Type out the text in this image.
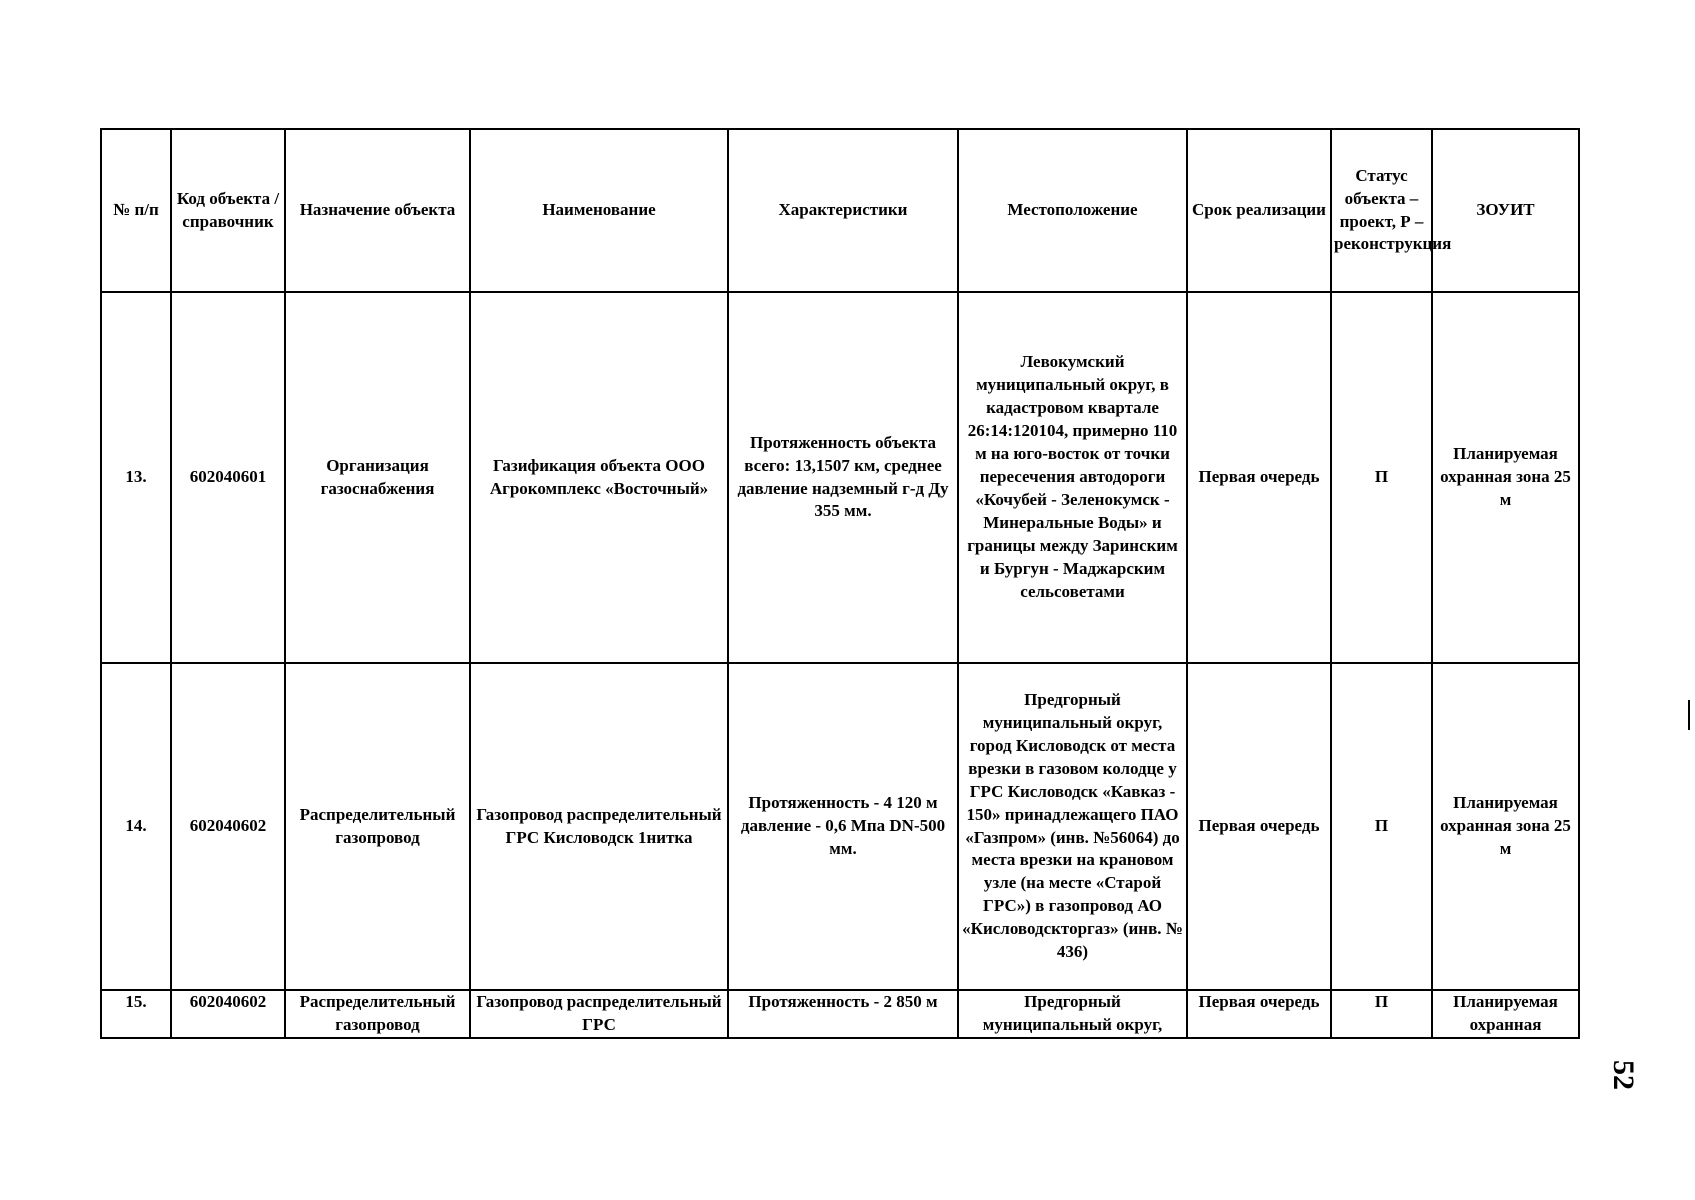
№ п/п	Код объекта / справочник	Назначение объекта	Наименование	Характеристики	Местоположение	Срок реализации	Статус объекта – проект, Р – реконструкция	ЗОУИТ
13.	602040601	Организация газоснабжения	Газификация объекта ООО Агрокомплекс «Восточный»	Протяженность объекта всего: 13,1507 км, среднее давление надземный г-д Ду 355 мм.	Левокумский муниципальный округ, в кадастровом квартале 26:14:120104, примерно 110 м на юго-восток от точки пересечения автодороги «Кочубей - Зеленокумск - Минеральные Воды» и границы между Заринским и Бургун - Маджарским сельсоветами	Первая очередь	П	Планируемая охранная зона 25 м
14.	602040602	Распределительный газопровод	Газопровод распределительный ГРС Кисловодск 1нитка	Протяженность - 4 120 м давление - 0,6 Мпа DN-500 мм.	Предгорный муниципальный округ, город Кисловодск от места врезки в газовом колодце у ГРС Кисловодск «Кавказ - 150» принадлежащего ПАО «Газпром» (инв. №56064) до места врезки на крановом узле (на месте «Старой ГРС») в газопровод АО «Кисловодскторгаз» (инв. № 436)	Первая очередь	П	Планируемая охранная зона 25 м
15.	602040602	Распределительный газопровод	Газопровод распределительный ГРС	Протяженность - 2 850 м	Предгорный муниципальный округ,	Первая очередь	П	Планируемая охранная
52
